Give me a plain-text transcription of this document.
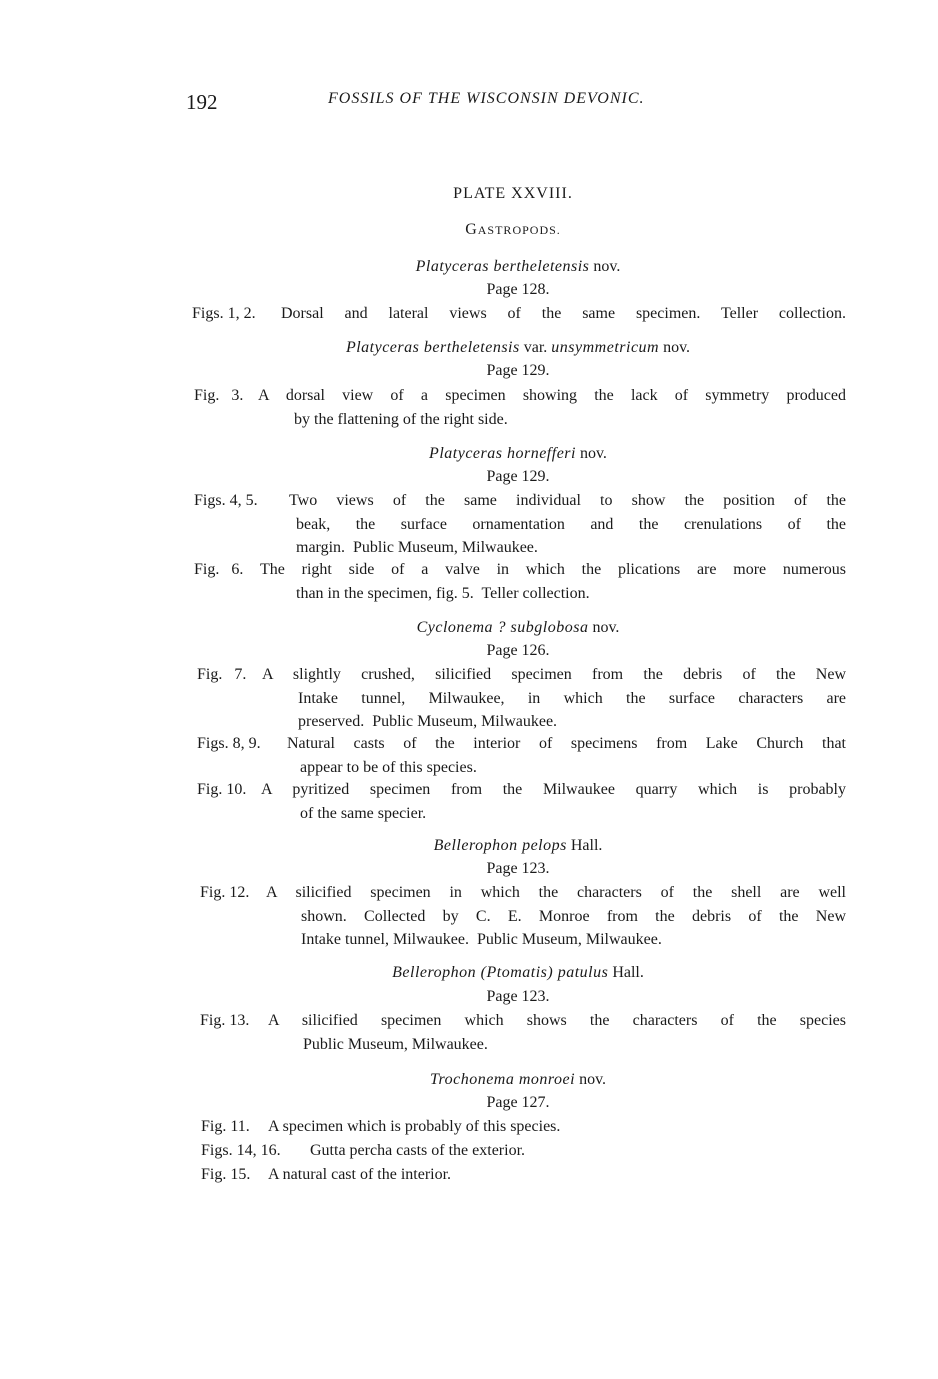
192	FOSSILS OF THE WISCONSIN DEVONIC.
PLATE XXVIII.
GASTROPODS.
Platyceras bertheletensis nov.
Page 128.
Figs. 1, 2. Dorsal and lateral views of the same specimen. Teller collection.
Platyceras bertheletensis var. unsymmetricum nov.
Page 129.
Fig.   3. A dorsal view of a specimen showing the lack of symmetry produced
by the flattening of the right side.
Platyceras hornefferi nov.
Page 129.
Figs. 4, 5. Two views of the same individual to show the position of the
beak, the surface ornamentation and the crenulations of the
margin.  Public Museum, Milwaukee.
Fig.   6. The right side of a valve in which the plications are more numerous
than in the specimen, fig. 5.  Teller collection.
Cyclonema ? subglobosa nov.
Page 126.
Fig.   7. A slightly crushed, silicified specimen from the debris of the New
Intake tunnel, Milwaukee, in which the surface characters are
preserved.  Public Museum, Milwaukee.
Figs. 8, 9. Natural casts of the interior of specimens from Lake Church that
appear to be of this species.
Fig. 10. A pyritized specimen from the Milwaukee quarry which is probably
of the same specier.
Bellerophon pelops Hall.
Page 123.
Fig. 12. A silicified specimen in which the characters of the shell are well
shown. Collected by C. E. Monroe from the debris of the New
Intake tunnel, Milwaukee.  Public Museum, Milwaukee.
Bellerophon (Ptomatis) patulus Hall.
Page 123.
Fig. 13. A silicified specimen which shows the characters of the species
Public Museum, Milwaukee.
Trochonema monroei nov.
Page 127.
Fig. 11. A specimen which is probably of this species.
Figs. 14, 16. Gutta percha casts of the exterior.
Fig. 15. A natural cast of the interior.
